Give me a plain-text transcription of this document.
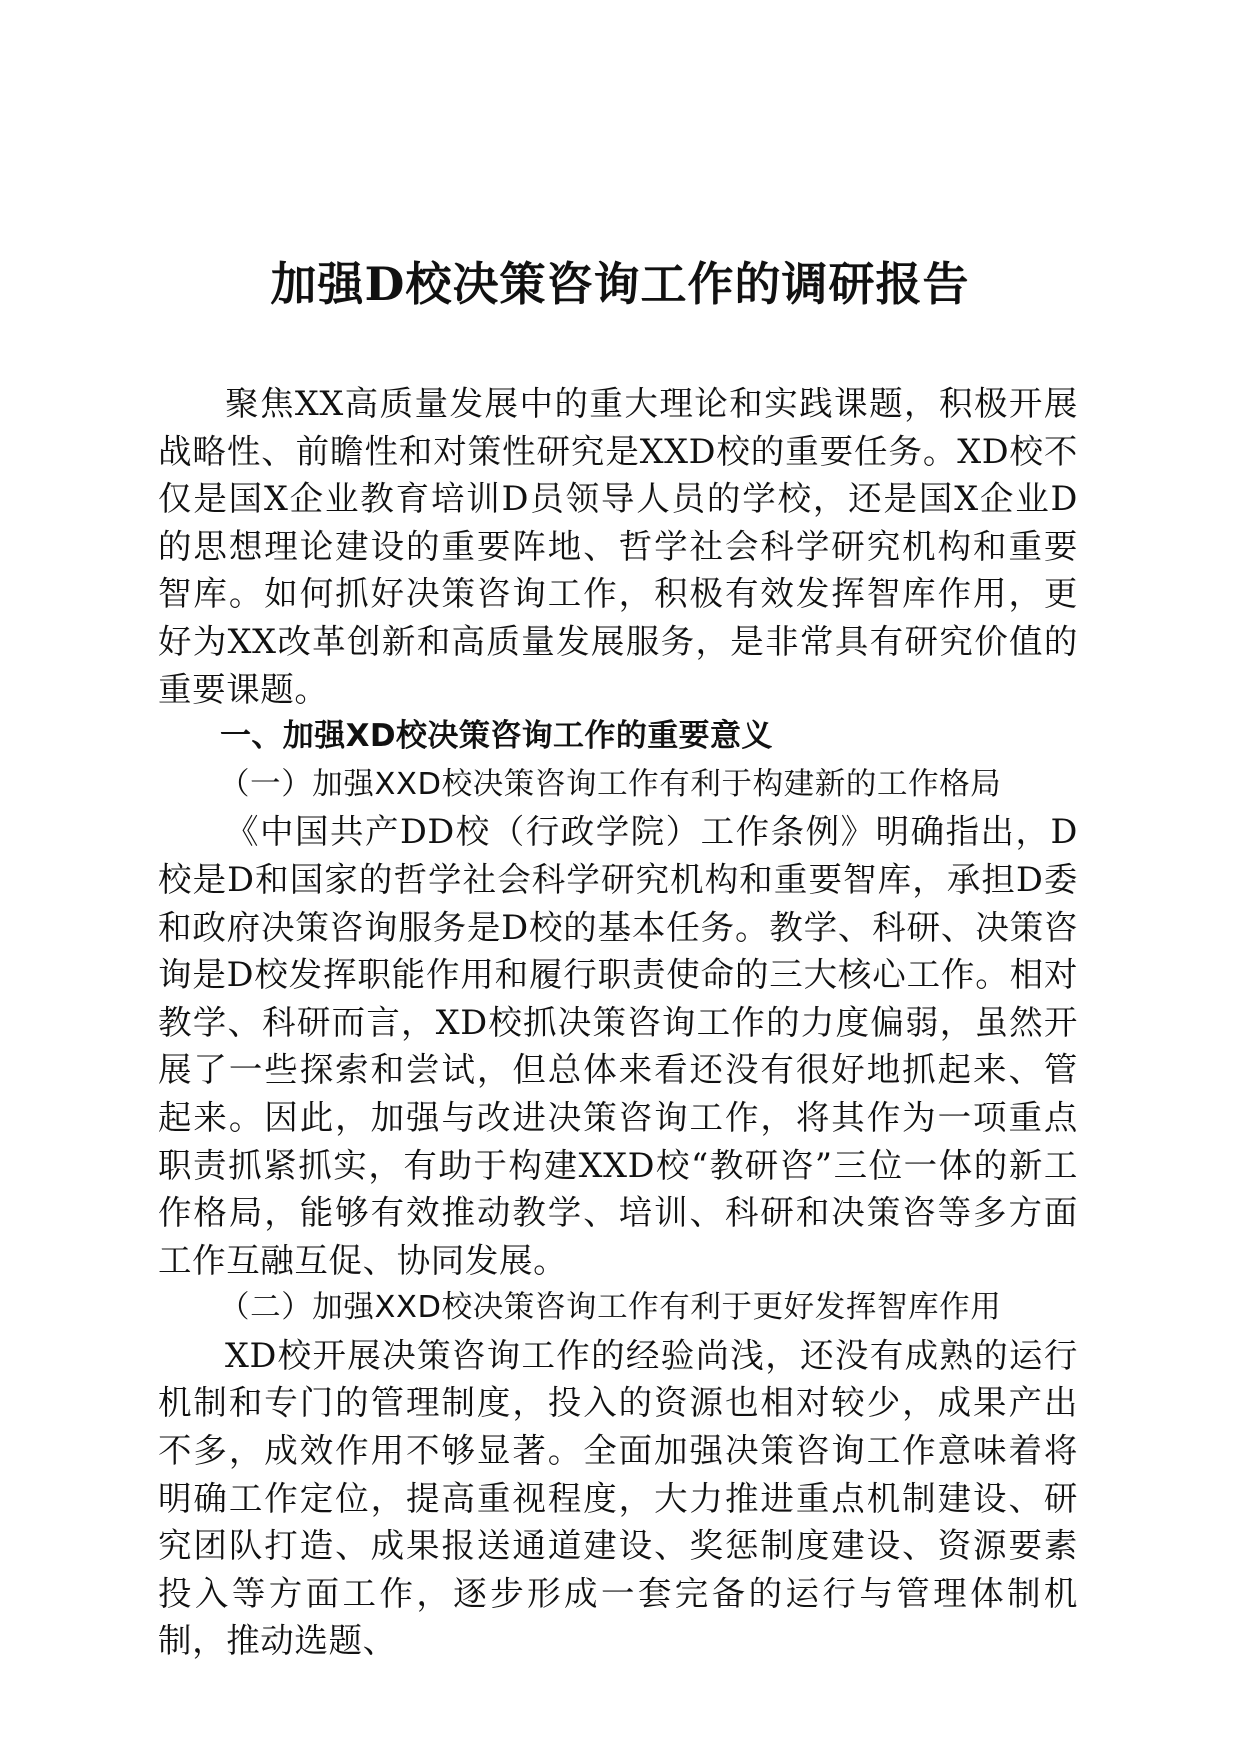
加强D校决策咨询工作的调研报告

聚焦XX高质量发展中的重大理论和实践课题，积极开展战略性、前瞻性和对策性研究是XXD校的重要任务。XD校不仅是国X企业教育培训D员领导人员的学校，还是国X企业D的思想理论建设的重要阵地、哲学社会科学研究机构和重要智库。如何抓好决策咨询工作，积极有效发挥智库作用，更好为XX改革创新和高质量发展服务，是非常具有研究价值的重要课题。

一、加强XD校决策咨询工作的重要意义

（一）加强XXD校决策咨询工作有利于构建新的工作格局

《中国共产DD校（行政学院）工作条例》明确指出，D校是D和国家的哲学社会科学研究机构和重要智库，承担D委和政府决策咨询服务是D校的基本任务。教学、科研、决策咨询是D校发挥职能作用和履行职责使命的三大核心工作。相对教学、科研而言，XD校抓决策咨询工作的力度偏弱，虽然开展了一些探索和尝试，但总体来看还没有很好地抓起来、管起来。因此，加强与改进决策咨询工作，将其作为一项重点职责抓紧抓实，有助于构建XXD校“教研咨”三位一体的新工作格局，能够有效推动教学、培训、科研和决策咨等多方面工作互融互促、协同发展。

（二）加强XXD校决策咨询工作有利于更好发挥智库作用

XD校开展决策咨询工作的经验尚浅，还没有成熟的运行机制和专门的管理制度，投入的资源也相对较少，成果产出不多，成效作用不够显著。全面加强决策咨询工作意味着将明确工作定位，提高重视程度，大力推进重点机制建设、研究团队打造、成果报送通道建设、奖惩制度建设、资源要素投入等方面工作，逐步形成一套完备的运行与管理体制机制，推动选题、
